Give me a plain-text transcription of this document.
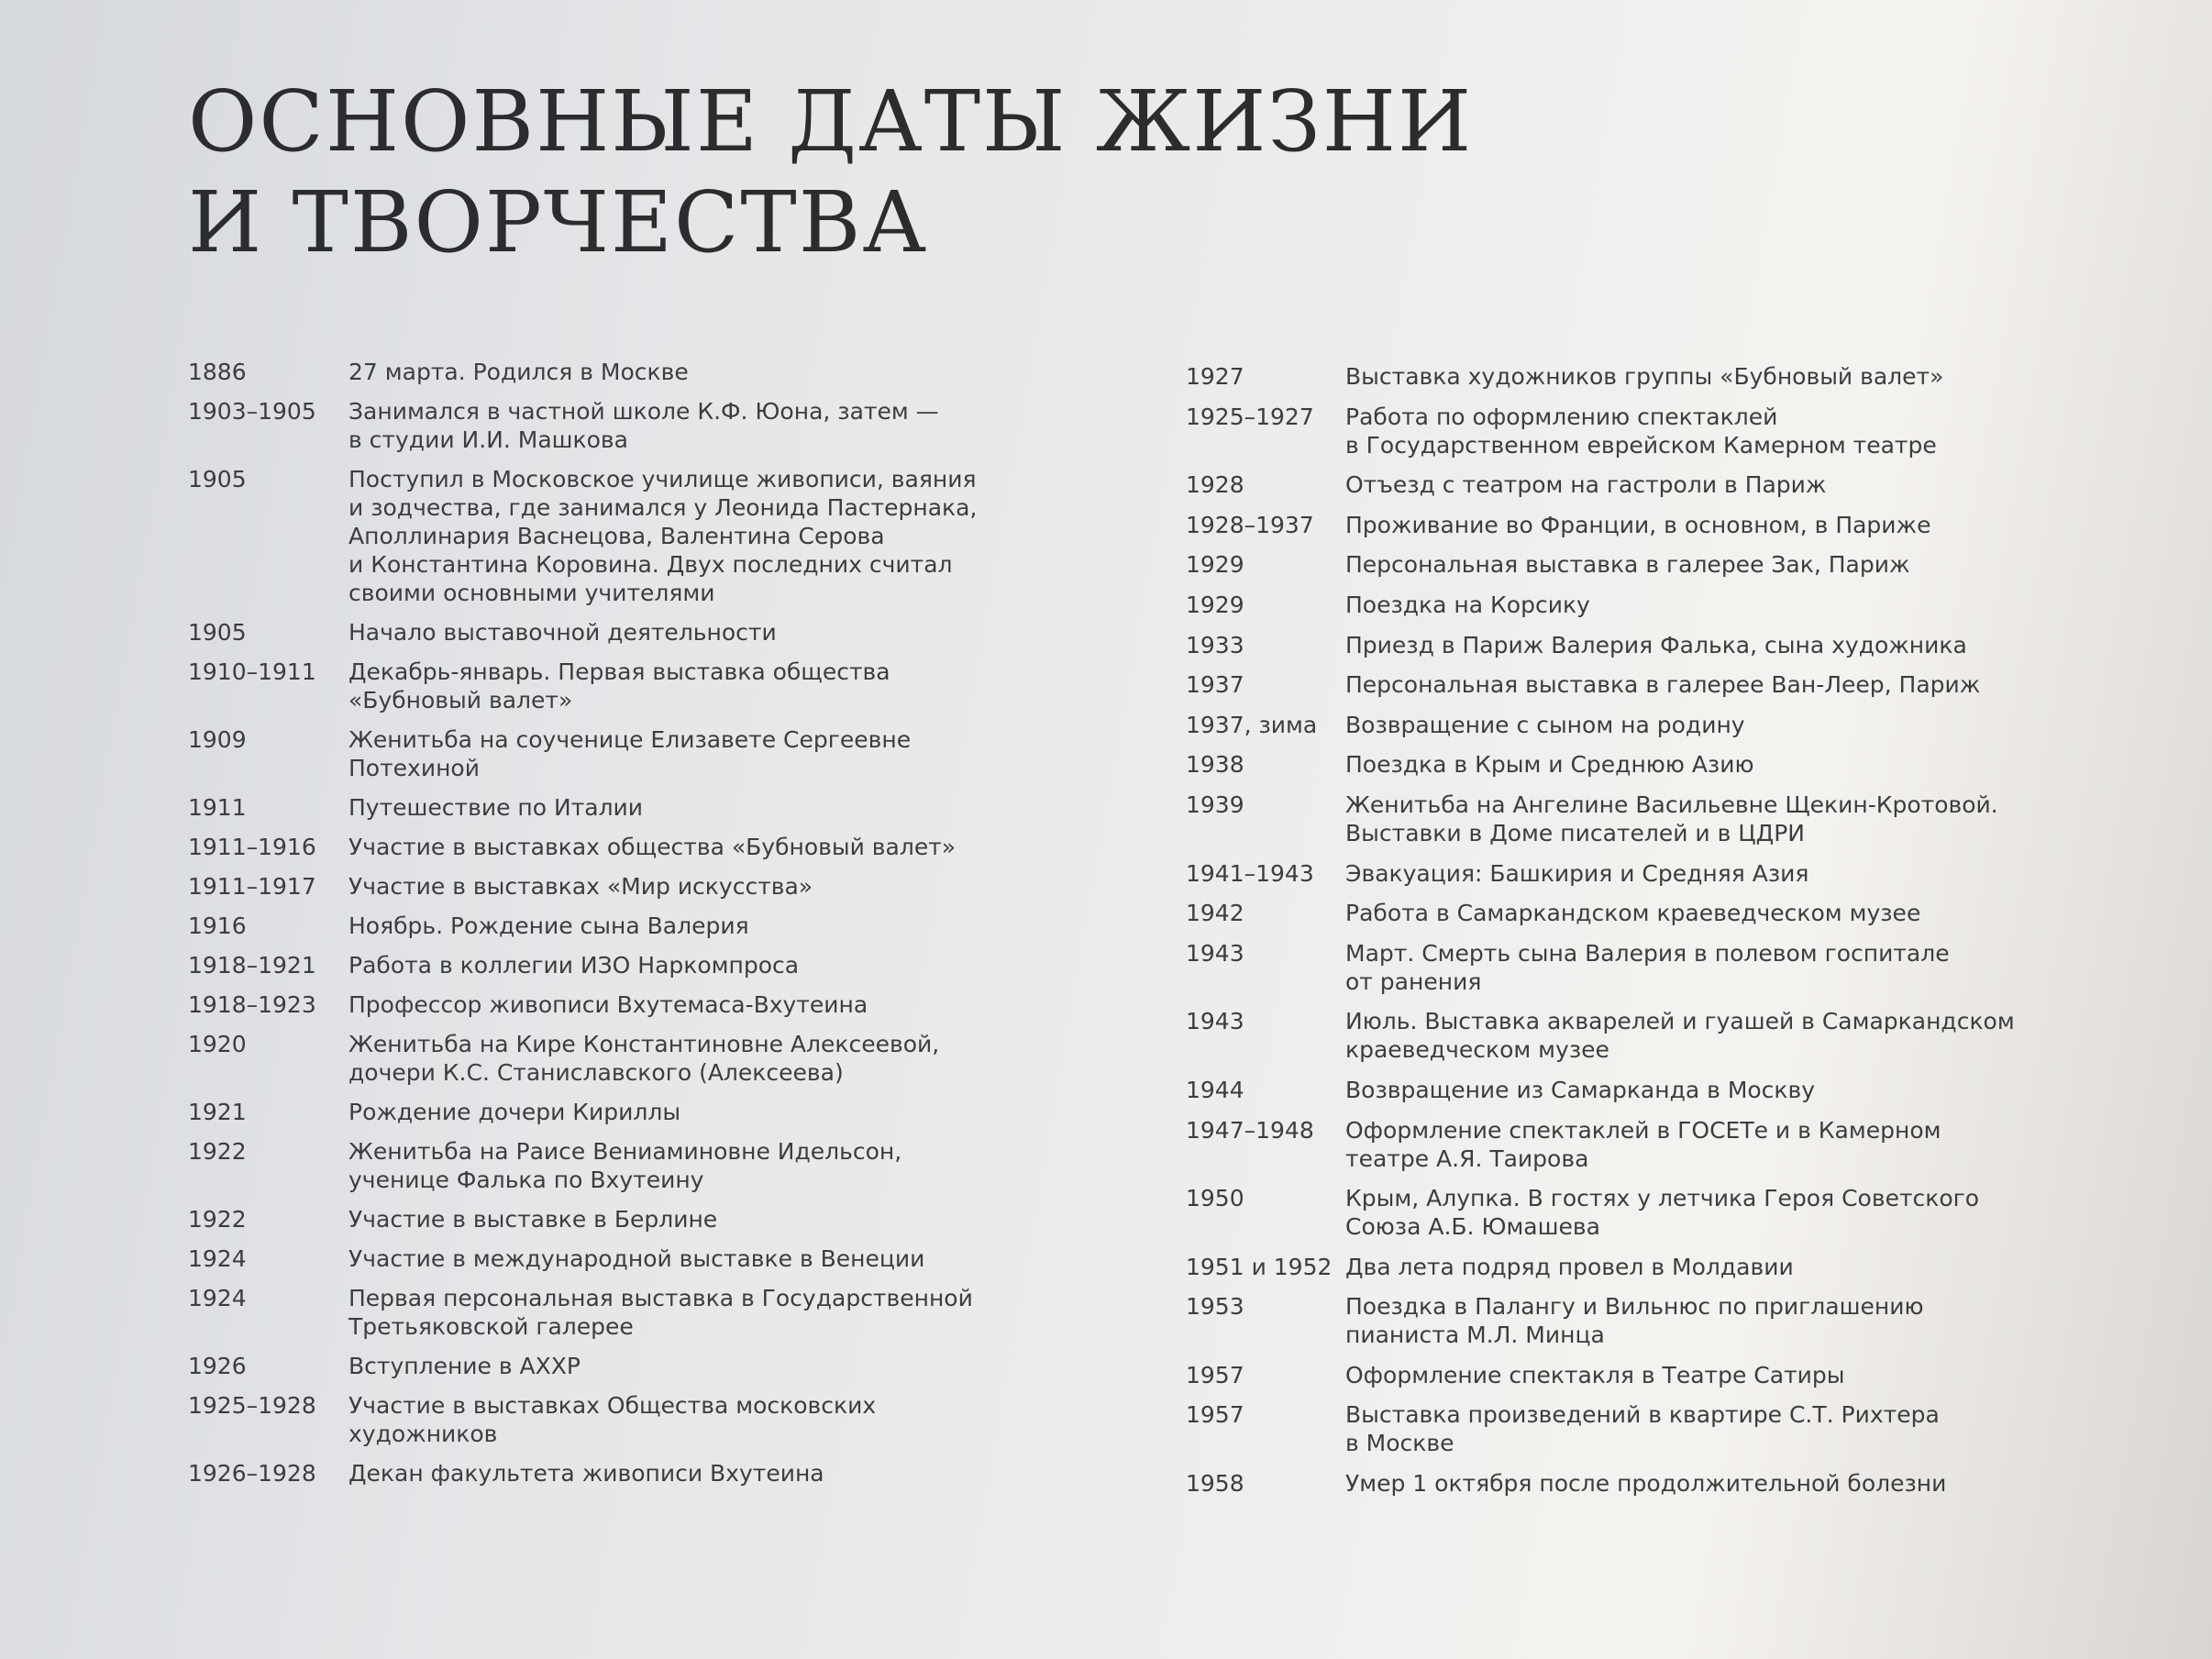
ОСНОВНЫЕ ДАТЫ ЖИЗНИ
И ТВОРЧЕСТВА
1886	27 марта. Родился в Москве
1903–1905	Занимался в частной школе К.Ф. Юона, затем —
в студии И.И. Машкова
1905	Поступил в Московское училище живописи, ваяния
и зодчества, где занимался у Леонида Пастернака,
Аполлинария Васнецова, Валентина Серова
и Константина Коровина. Двух последних считал
своими основными учителями
1905	Начало выставочной деятельности
1910–1911	Декабрь-январь. Первая выставка общества
«Бубновый валет»
1909	Женитьба на соученице Елизавете Сергеевне
Потехиной
1911	Путешествие по Италии
1911–1916	Участие в выставках общества «Бубновый валет»
1911–1917	Участие в выставках «Мир искусства»
1916	Ноябрь. Рождение сына Валерия
1918–1921	Работа в коллегии ИЗО Наркомпроса
1918–1923	Профессор живописи Вхутемаса-Вхутеина
1920	Женитьба на Кире Константиновне Алексеевой,
дочери К.С. Станиславского (Алексеева)
1921	Рождение дочери Кириллы
1922	Женитьба на Раисе Вениаминовне Идельсон,
ученице Фалька по Вхутеину
1922	Участие в выставке в Берлине
1924	Участие в международной выставке в Венеции
1924	Первая персональная выставка в Государственной
Третьяковской галерее
1926	Вступление в АХХР
1925–1928	Участие в выставках Общества московских
художников
1926–1928	Декан факультета живописи Вхутеина
1927	Выставка художников группы «Бубновый валет»
1925–1927	Работа по оформлению спектаклей
в Государственном еврейском Камерном театре
1928	Отъезд с театром на гастроли в Париж
1928–1937	Проживание во Франции, в основном, в Париже
1929	Персональная выставка в галерее Зак, Париж
1929	Поездка на Корсику
1933	Приезд в Париж Валерия Фалька, сына художника
1937	Персональная выставка в галерее Ван-Леер, Париж
1937, зима	Возвращение с сыном на родину
1938	Поездка в Крым и Среднюю Азию
1939	Женитьба на Ангелине Васильевне Щекин-Кротовой.
Выставки в Доме писателей и в ЦДРИ
1941–1943	Эвакуация: Башкирия и Средняя Азия
1942	Работа в Самаркандском краеведческом музее
1943	Март. Смерть сына Валерия в полевом госпитале
от ранения
1943	Июль. Выставка акварелей и гуашей в Самаркандском
краеведческом музее
1944	Возвращение из Самарканда в Москву
1947–1948	Оформление спектаклей в ГОСЕТе и в Камерном
театре А.Я. Таирова
1950	Крым, Алупка. В гостях у летчика Героя Советского
Союза А.Б. Юмашева
1951 и 1952 Два лета подряд провел в Молдавии
1953	Поездка в Палангу и Вильнюс по приглашению
пианиста М.Л. Минца
1957	Оформление спектакля в Театре Сатиры
1957	Выставка произведений в квартире С.Т. Рихтера
в Москве
1958	Умер 1 октября после продолжительной болезни
